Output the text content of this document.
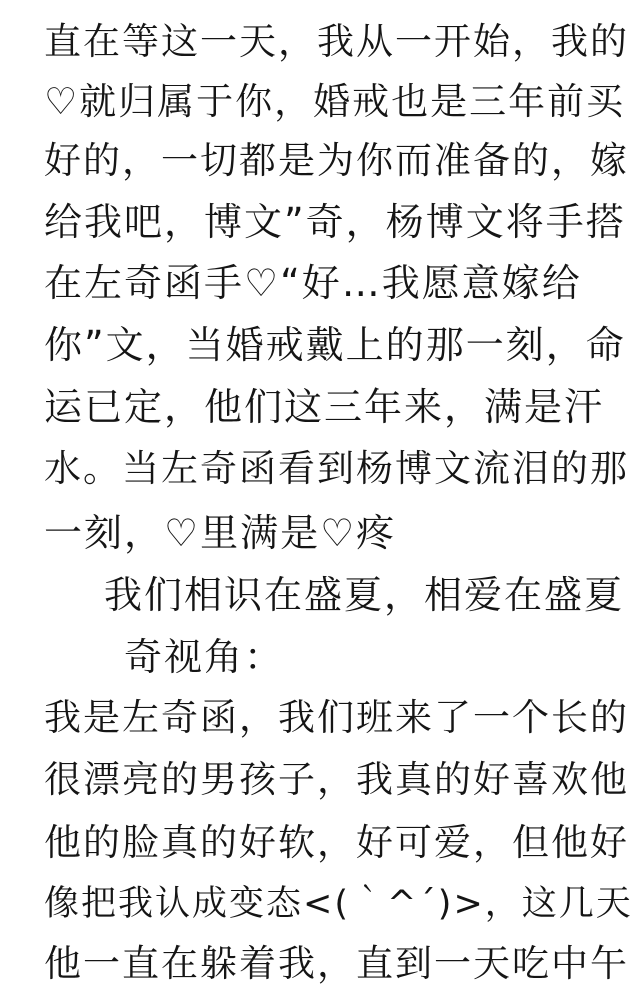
直在等这一天，我从一开始，我的
♡就归属于你，婚戒也是三年前买
好的，一切都是为你而准备的，嫁
给我吧，博文”奇，杨博文将手搭
在左奇函手♡“好…我愿意嫁给
你”文，当婚戒戴上的那一刻，命
运已定，他们这三年来，满是汗
水。当左奇函看到杨博文流泪的那
一刻，♡里满是♡疼
我们相识在盛夏，相爱在盛夏
奇视角：
我是左奇函，我们班来了一个长的
很漂亮的男孩子，我真的好喜欢他
他的脸真的好软，好可爱，但他好
像把我认成变态<(｀^´)>，这几天
他一直在躲着我，直到一天吃中午
